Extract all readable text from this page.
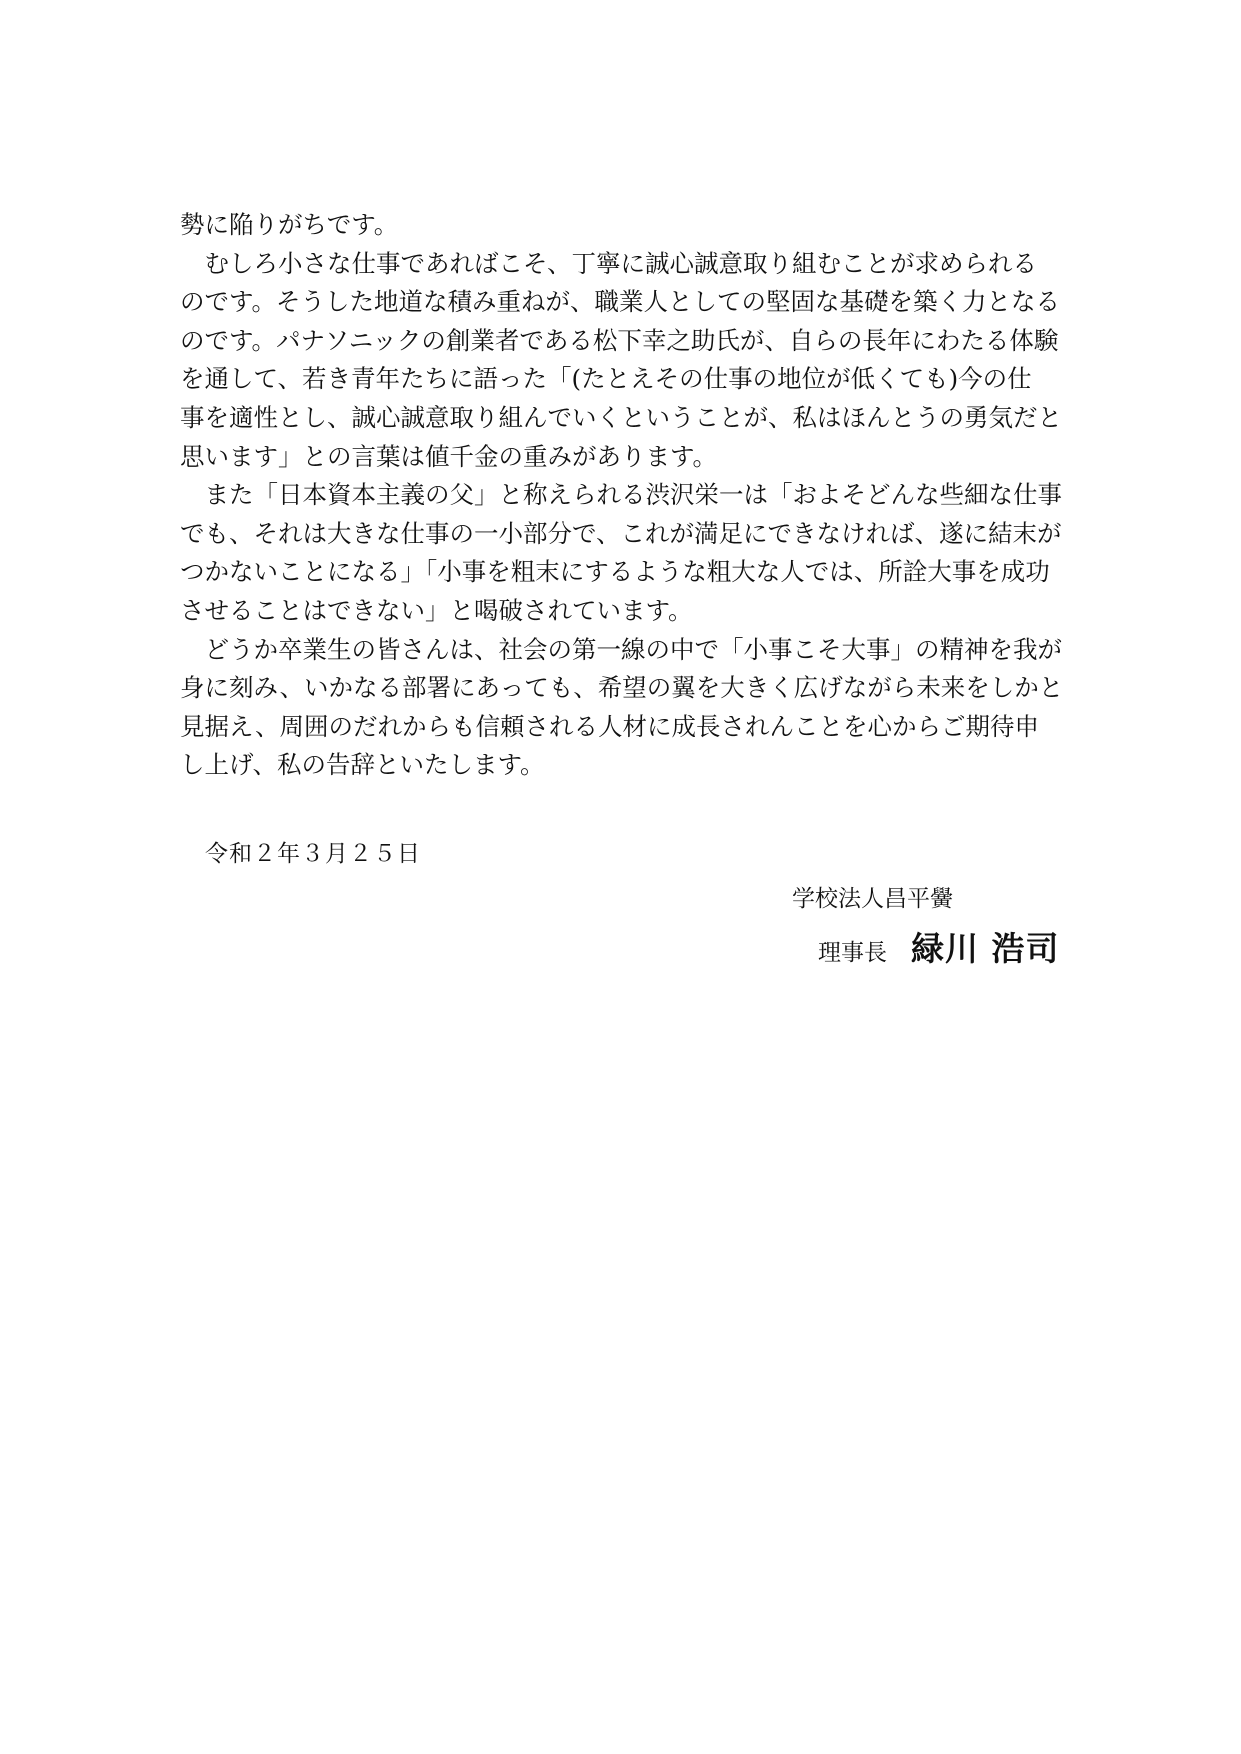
勢に陥りがちです。
　むしろ小さな仕事であればこそ、丁寧に誠心誠意取り組むことが求められる
のです。そうした地道な積み重ねが、職業人としての堅固な基礎を築く力となる
のです。パナソニックの創業者である松下幸之助氏が、自らの長年にわたる体験
を通して、若き青年たちに語った「(たとえその仕事の地位が低くても)今の仕
事を適性とし、誠心誠意取り組んでいくということが、私はほんとうの勇気だと
思います」との言葉は値千金の重みがあります。
　また「日本資本主義の父」と称えられる渋沢栄一は「およそどんな些細な仕事
でも、それは大きな仕事の一小部分で、これが満足にできなければ、遂に結末が
つかないことになる」「小事を粗末にするような粗大な人では、所詮大事を成功
させることはできない」と喝破されています。
　どうか卒業生の皆さんは、社会の第一線の中で「小事こそ大事」の精神を我が
身に刻み、いかなる部署にあっても、希望の翼を大きく広げながら未来をしかと
見据え、周囲のだれからも信頼される人材に成長されんことを心からご期待申
し上げ、私の告辞といたします。
令和２年３月２５日
学校法人昌平黌
理事長 緑川 浩司
